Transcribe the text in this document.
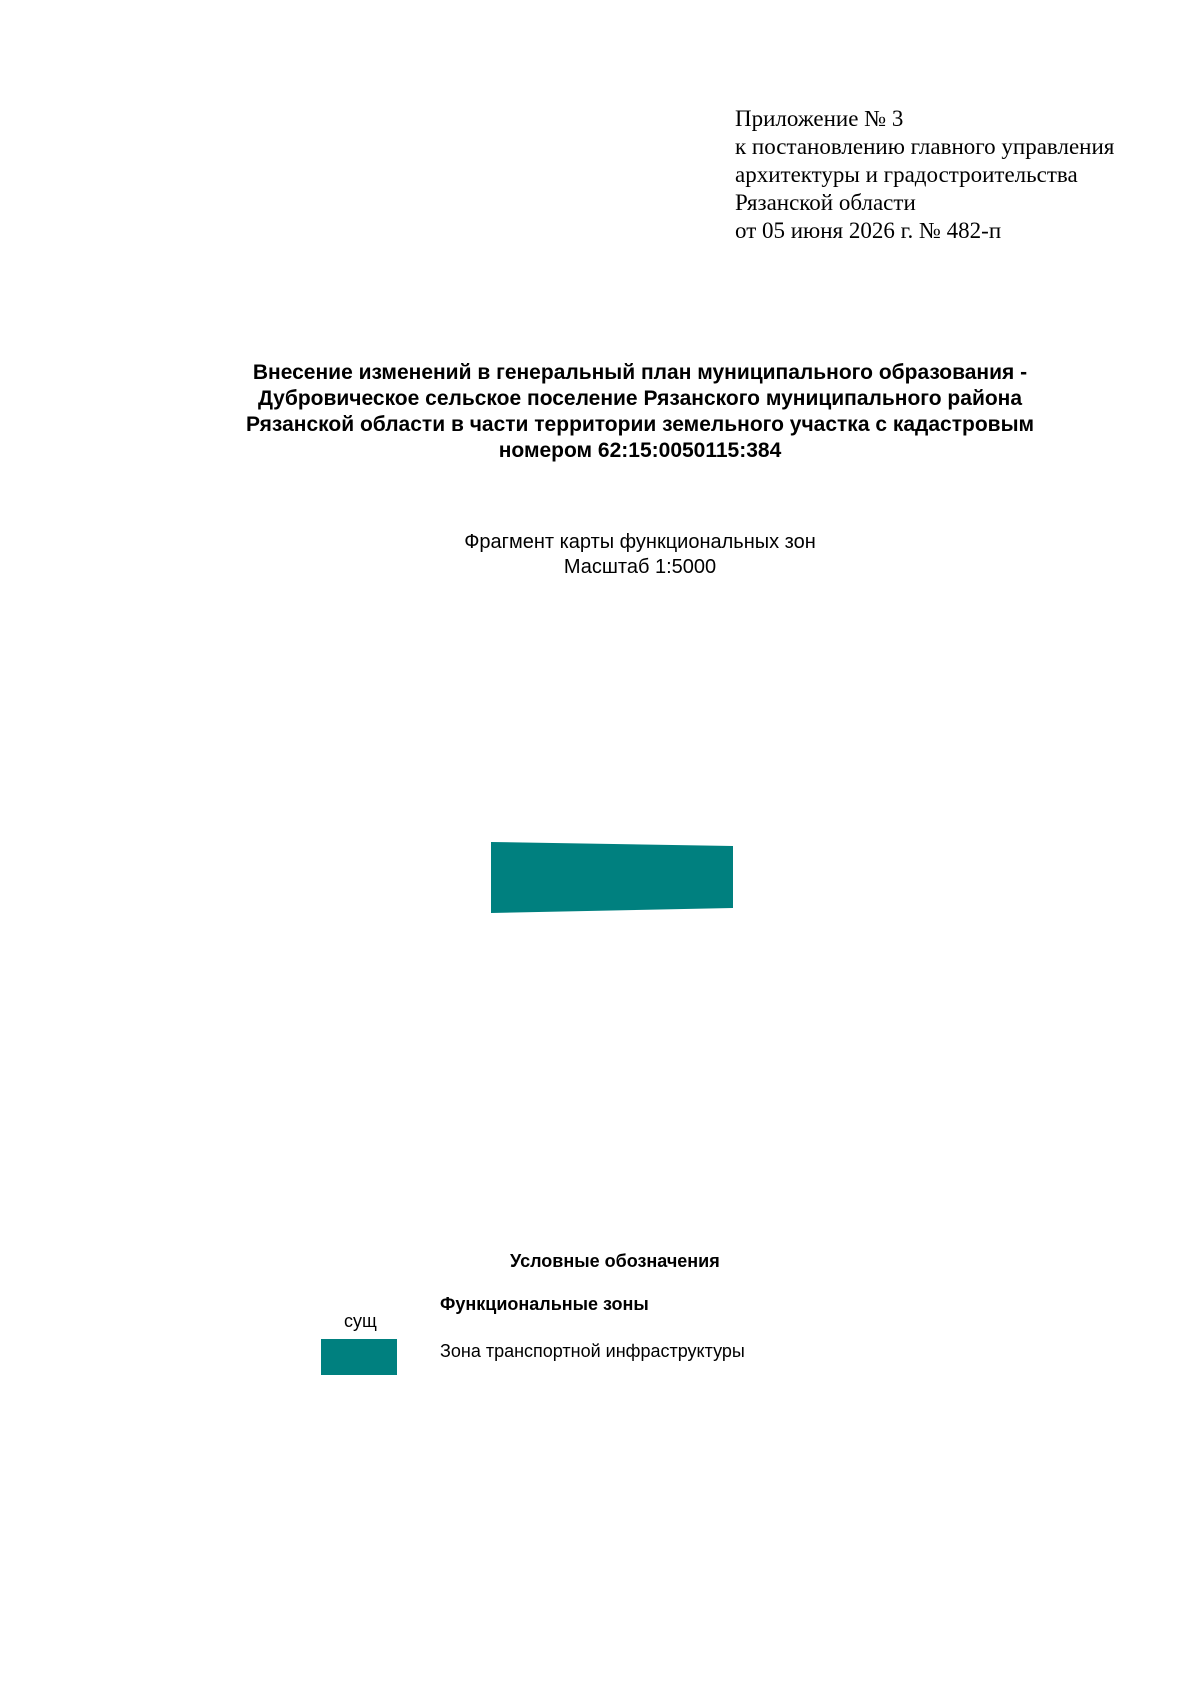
Приложение № 3
к постановлению главного управления
архитектуры и градостроительства
Рязанской области
от 05 июня 2026 г. № 482-п
Внесение изменений в генеральный план муниципального образования -
Дубровическое сельское поселение Рязанского муниципального района
Рязанской области в части территории земельного участка с кадастровым
номером 62:15:0050115:384
Фрагмент карты функциональных зон
Масштаб 1:5000
Условные обозначения
Функциональные зоны
сущ
Зона транспортной инфраструктуры
